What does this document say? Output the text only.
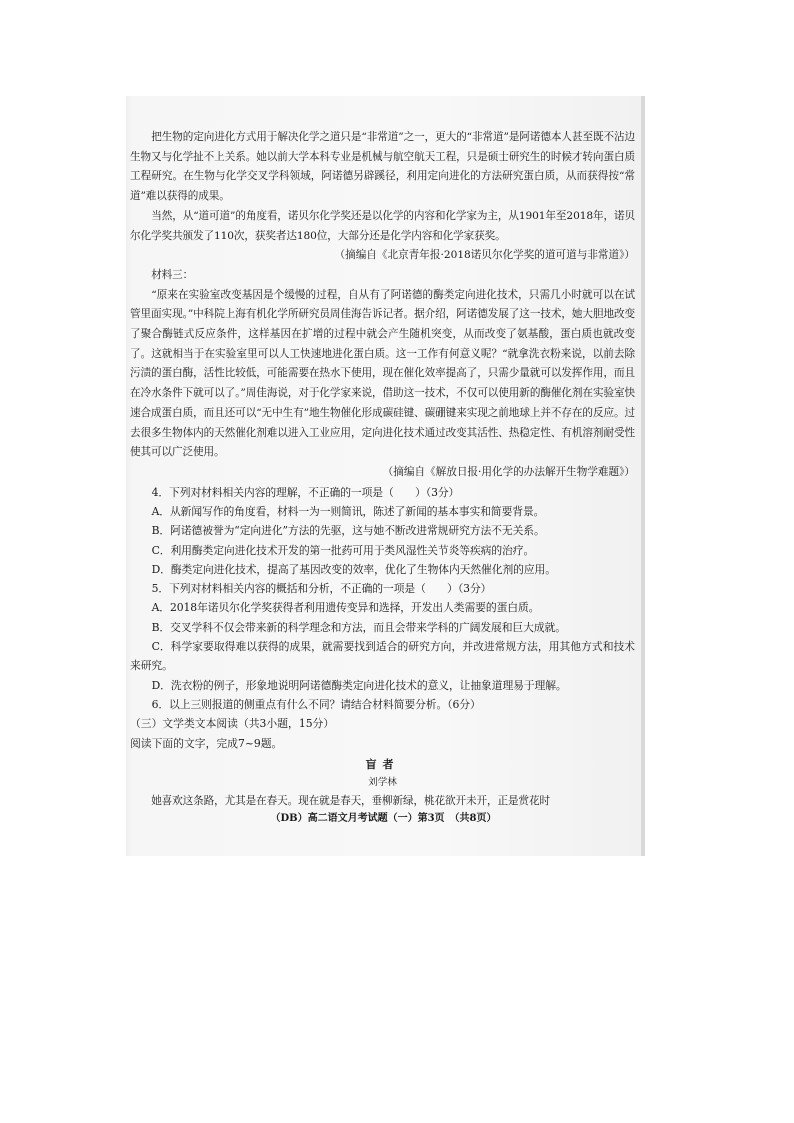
把生物的定向进化方式用于解决化学之道只是“非常道”之一，更大的“非常道”是阿诺德本人甚至既不沾边生物又与化学扯不上关系。她以前大学本科专业是机械与航空航天工程，只是硕士研究生的时候才转向蛋白质工程研究。在生物与化学交叉学科领域，阿诺德另辟蹊径，利用定向进化的方法研究蛋白质，从而获得按“常道”难以获得的成果。

当然，从“道可道”的角度看，诺贝尔化学奖还是以化学的内容和化学家为主，从1901年至2018年，诺贝尔化学奖共颁发了110次，获奖者达180位，大部分还是化学内容和化学家获奖。

（摘编自《北京青年报·2018诺贝尔化学奖的道可道与非常道》）

材料三：

“原来在实验室改变基因是个缓慢的过程，自从有了阿诺德的酶类定向进化技术，只需几小时就可以在试管里面实现。”中科院上海有机化学所研究员周佳海告诉记者。据介绍，阿诺德发展了这一技术，她大胆地改变了聚合酶链式反应条件，这样基因在扩增的过程中就会产生随机突变，从而改变了氨基酸，蛋白质也就改变了。这就相当于在实验室里可以人工快速地进化蛋白质。这一工作有何意义呢？“就拿洗衣粉来说，以前去除污渍的蛋白酶，活性比较低，可能需要在热水下使用，现在催化效率提高了，只需少量就可以发挥作用，而且在冷水条件下就可以了。”周佳海说，对于化学家来说，借助这一技术，不仅可以使用新的酶催化剂在实验室快速合成蛋白质，而且还可以“无中生有”地生物催化形成碳硅键、碳硼键来实现之前地球上并不存在的反应。过去很多生物体内的天然催化剂难以进入工业应用，定向进化技术通过改变其活性、热稳定性、有机溶剂耐受性使其可以广泛使用。

（摘编自《解放日报·用化学的办法解开生物学难题》）

4．下列对材料相关内容的理解，不正确的一项是（　　）（3分）

A．从新闻写作的角度看，材料一为一则简讯，陈述了新闻的基本事实和简要背景。

B．阿诺德被誉为“定向进化”方法的先驱，这与她不断改进常规研究方法不无关系。

C．利用酶类定向进化技术开发的第一批药可用于类风湿性关节炎等疾病的治疗。

D．酶类定向进化技术，提高了基因改变的效率，优化了生物体内天然催化剂的应用。

5．下列对材料相关内容的概括和分析，不正确的一项是（　　）（3分）

A．2018年诺贝尔化学奖获得者利用遗传变异和选择，开发出人类需要的蛋白质。

B．交叉学科不仅会带来新的科学理念和方法，而且会带来学科的广阔发展和巨大成就。

C．科学家要取得难以获得的成果，就需要找到适合的研究方向，并改进常规方法，用其他方式和技术来研究。

D．洗衣粉的例子，形象地说明阿诺德酶类定向进化技术的意义，让抽象道理易于理解。

6．以上三则报道的侧重点有什么不同？请结合材料简要分析。（6分）

（三）文学类文本阅读（共3小题，15分）

阅读下面的文字，完成7~9题。

盲者

刘学林

她喜欢这条路，尤其是在春天。现在就是春天，垂柳新绿，桃花欲开未开，正是赏花时

（DB）高二语文月考试题（一）第3页　（共8页）
